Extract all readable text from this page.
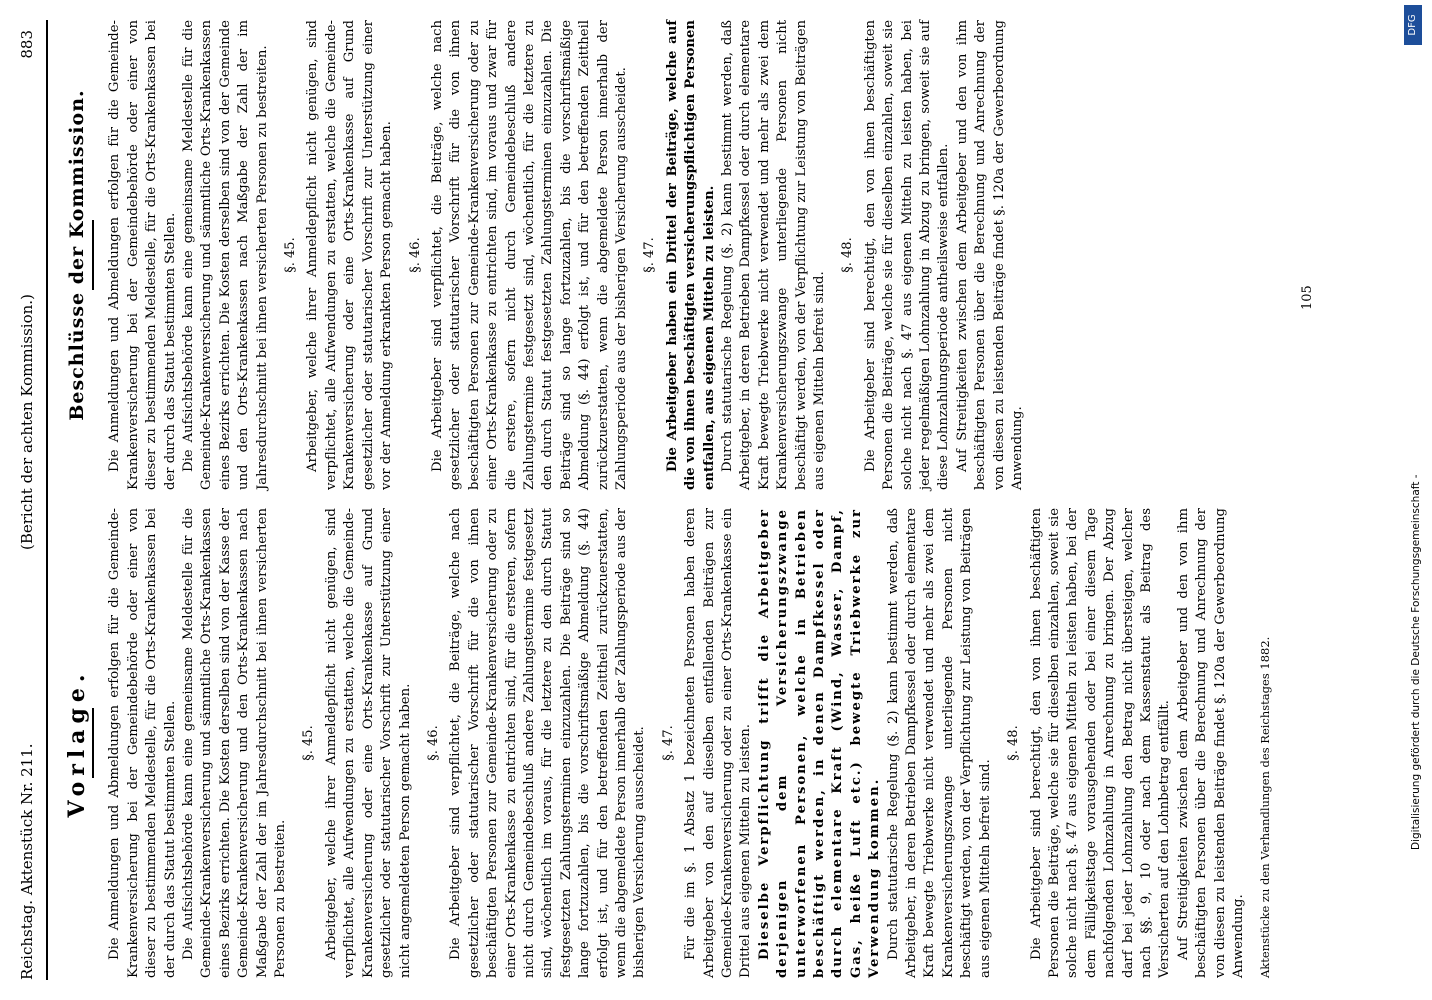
Reichstag. Aktenstück Nr. 211.
(Bericht der achten Kommission.)
883
Vorlage. Die Anmeldungen und Abmeldungen erfolgen für die Gemeinde-Krankenversicherung bei der Gemeindebehörde oder einer von dieser zu bestimmenden Meldestelle, für die Orts-Krankenkassen bei der durch das Statut bestimmten Stellen. Die Aufsichtsbehörde kann eine gemeinsame Meldestelle für die Gemeinde-Krankenversicherung und sämmtliche Orts-Krankenkassen eines Bezirks errichten. Die Kosten derselben sind von der Kasse der Gemeinde-Krankenversicherung und den Orts-Krankenkassen nach Maßgabe der Zahl der im Jahresdurchschnitt bei ihnen versicherten Personen zu bestreiten.

§. 45. Arbeitgeber, welche ihrer Anmeldepflicht nicht genügen, sind verpflichtet, alle Aufwendungen zu erstatten, welche die Gemeinde-Krankenversicherung oder eine Orts-Krankenkasse auf Grund gesetzlicher oder statutarischer Vorschrift zur Unterstützung einer nicht angemeldeten Person gemacht haben. §. 46. Die Arbeitgeber sind verpflichtet, die Beiträge, welche nach gesetzlicher oder statutarischer Vorschrift für die von ihnen beschäftigten Personen zur Gemeinde-Krankenversicherung oder zu einer Orts-Krankenkasse zu entrichten sind, für die ersteren, sofern nicht durch Gemeindebeschluß andere Zahlungstermine festgesetzt sind, wöchentlich im voraus, für die letztere zu den durch Statut festgesetzten Zahlungsterminen einzuzahlen. Die Beiträge sind so lange fortzuzahlen, bis die vorschriftsmäßige Abmeldung (§. 44) erfolgt ist, und für den betreffenden Zeittheil zurückzuerstatten, wenn die abgemeldete Person innerhalb der Zahlungsperiode aus der bisherigen Versicherung ausscheidet. §. 47. Für die im §. 1 Absatz 1 bezeichneten Personen haben deren Arbeitgeber von den auf dieselben entfallenden Beiträgen zur Gemeinde-Krankenversicherung oder zu einer Orts-Krankenkasse ein Drittel aus eigenen Mitteln zu leisten. Dieselbe Verpflichtung trifft die Arbeitgeber derjenigen dem Versicherungszwange unterworfenen Personen, welche in Betrieben beschäftigt werden, in denen Dampfkessel oder durch elementare Kraft (Wind, Wasser, Dampf, Gas, heiße Luft etc.) bewegte Triebwerke zur Verwendung kommen. Durch statutarische Regelung (§. 2) kann bestimmt werden, daß Arbeitgeber, in deren Betrieben Dampfkessel oder durch elementare Kraft bewegte Triebwerke nicht verwendet und mehr als zwei dem Krankenversicherungszwange unterliegende Personen nicht beschäftigt werden, von der Verpflichtung zur Leistung von Beiträgen aus eigenen Mitteln befreit sind.

§. 48. Die Arbeitgeber sind berechtigt, den von ihnen beschäftigten Personen die Beiträge, welche sie für dieselben einzahlen, soweit sie solche nicht nach §. 47 aus eigenen Mitteln zu leisten haben, bei der dem Fälligkeitstage vorausgehenden oder bei einer diesem Tage nachfolgenden Lohnzahlung in Anrechnung zu bringen. Der Abzug darf bei jeder Lohnzahlung den Betrag nicht übersteigen, welcher nach §§. 9, 10 oder nach dem Kassenstatut als Beitrag des Versicherten auf den Lohnbetrag entfällt. Auf Streitigkeiten zwischen dem Arbeitgeber und den von ihm beschäftigten Personen über die Berechnung und Anrechnung der von diesen zu leistenden Beiträge findet §. 120a der Gewerbeordnung Anwendung. Aktenstücke zu den Verhandlungen des Reichstages 1882.
Beschlüsse der Kommission. Die Anmeldungen und Abmeldungen erfolgen für die Gemeinde-Krankenversicherung bei der Gemeindebehörde oder einer von dieser zu bestimmenden Meldestelle, für die Orts-Krankenkassen bei der durch das Statut bestimmten Stellen. Die Aufsichtsbehörde kann eine gemeinsame Meldestelle für die Gemeinde-Krankenversicherung und sämmtliche Orts-Krankenkassen eines Bezirks errichten. Die Kosten derselben sind von der Gemeinde und den Orts-Krankenkassen nach Maßgabe der Zahl der im Jahresdurchschnitt bei ihnen versicherten Personen zu bestreiten. §. 45. Arbeitgeber, welche ihrer Anmeldepflicht nicht genügen, sind verpflichtet, alle Aufwendungen zu erstatten, welche die Gemeinde-Krankenversicherung oder eine Orts-Krankenkasse auf Grund gesetzlicher oder statutarischer Vorschrift zur Unterstützung einer vor der Anmeldung erkrankten Person gemacht haben. §. 46. Die Arbeitgeber sind verpflichtet, die Beiträge, welche nach gesetzlicher oder statutarischer Vorschrift für die von ihnen beschäftigten Personen zur Gemeinde-Krankenversicherung oder zu einer Orts-Krankenkasse zu entrichten sind, im voraus und zwar für die erstere, sofern nicht durch Gemeindebeschluß andere Zahlungstermine festgesetzt sind, wöchentlich, für die letztere zu den durch Statut festgesetzten Zahlungsterminen einzuzahlen. Die Beiträge sind so lange fortzuzahlen, bis die vorschriftsmäßige Abmeldung (§. 44) erfolgt ist, und für den betreffenden Zeittheil zurückzuerstatten, wenn die abgemeldete Person innerhalb der Zahlungsperiode aus der bisherigen Versicherung ausscheidet. §. 47. Die Arbeitgeber haben ein Drittel der Beiträge, welche auf die von ihnen beschäftigten versicherungspflichtigen Personen entfallen, aus eigenen Mitteln zu leisten. Durch statutarische Regelung (§. 2) kann bestimmt werden, daß Arbeitgeber, in deren Betrieben Dampfkessel oder durch elementare Kraft bewegte Triebwerke nicht verwendet und mehr als zwei dem Krankenversicherungszwange unterliegende Personen nicht beschäftigt werden, von der Verpflichtung zur Leistung von Beiträgen aus eigenen Mitteln befreit sind.

§. 48. Die Arbeitgeber sind berechtigt, den von ihnen beschäftigten Personen die Beiträge, welche sie für dieselben einzahlen, soweit sie solche nicht nach §. 47 aus eigenen Mitteln zu leisten haben, bei jeder regelmäßigen Lohnzahlung in Abzug zu bringen, soweit sie auf diese Lohnzahlungsperiode antheilsweise entfallen. Auf Streitigkeiten zwischen dem Arbeitgeber und den von ihm beschäftigten Personen über die Berechnung und Anrechnung der von diesen zu leistenden Beiträge findet §. 120a der Gewerbeordnung Anwendung.

105
Digitalisierung gefördert durch die Deutsche Forschungsgemeinschaft -
DFG
